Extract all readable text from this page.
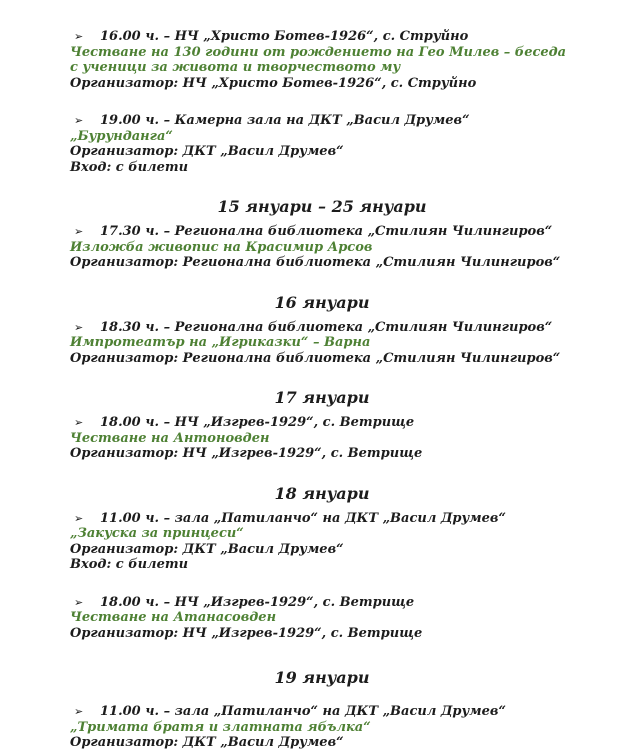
➢	16.00 ч. – НЧ „Христо Ботев-1926“, с. Струйно
Честване на 130 години от рождението на Гео Милев – беседа с ученици за живота и творчеството му
Организатор: НЧ „Христо Ботев-1926“, с. Струйно
➢	19.00 ч. – Камерна зала на ДКТ „Васил Друмев“
„Бурунданга“
Организатор: ДКТ „Васил Друмев“
Вход: с билети
15 януари – 25 януари
➢	17.30 ч. – Регионална библиотека „Стилиян Чилингиров“
Изложба живопис на Красимир Арсов
Организатор: Регионална библиотека „Стилиян Чилингиров“
16 януари
➢	18.30 ч. – Регионална библиотека „Стилиян Чилингиров“
Импротеатър на „Игриказки“ – Варна
Организатор: Регионална библиотека „Стилиян Чилингиров“
17 януари
➢	18.00 ч. – НЧ „Изгрев-1929“, с. Ветрище
Честване на Антоновден
Организатор: НЧ „Изгрев-1929“, с. Ветрище
18 януари
➢	11.00 ч. – зала „Патиланчо“ на ДКТ „Васил Друмев“
„Закуска за принцеси“
Организатор: ДКТ „Васил Друмев“
Вход: с билети
➢	18.00 ч. – НЧ „Изгрев-1929“, с. Ветрище
Честване на Атанасовден
Организатор: НЧ „Изгрев-1929“, с. Ветрище
19 януари
➢	11.00 ч. – зала „Патиланчо“ на ДКТ „Васил Друмев“
„Тримата братя и златната ябълка“
Организатор: ДКТ „Васил Друмев“
